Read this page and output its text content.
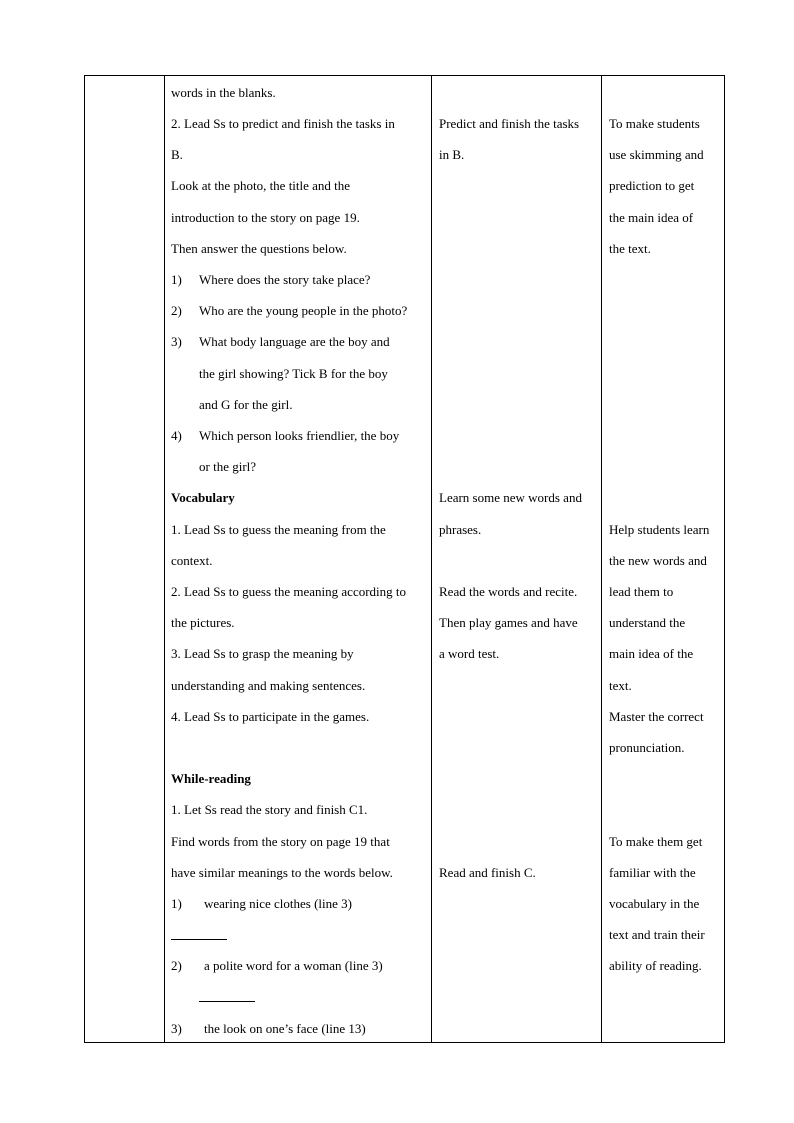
words in the blanks.
2. Lead Ss to predict and finish the tasks in
B.
Look at the photo, the title and the
introduction to the story on page 19.
Then answer the questions below.
1) Where does the story take place?
2) Who are the young people in the photo?
3) What body language are the boy and
the girl showing? Tick B for the boy
and G for the girl.
4) Which person looks friendlier, the boy
or the girl?
Vocabulary
1. Lead Ss to guess the meaning from the
context.
2. Lead Ss to guess the meaning according to
the pictures.
3. Lead Ss to grasp the meaning by
understanding and making sentences.
4. Lead Ss to participate in the games.
While-reading
1. Let Ss read the story and finish C1.
Find words from the story on page 19 that
have similar meanings to the words below.
1) wearing nice clothes (line 3)
2) a polite word for a woman (line 3)
3) the look on one’s face (line 13)
Predict and finish the tasks
in B.
Learn some new words and
phrases.
Read the words and recite.
Then play games and have
a word test.
Read and finish C.
To make students
use skimming and
prediction to get
the main idea of
the text.
Help students learn
the new words and
lead them to
understand the
main idea of the
text.
Master the correct
pronunciation.
To make them get
familiar with the
vocabulary in the
text and train their
ability of reading.
